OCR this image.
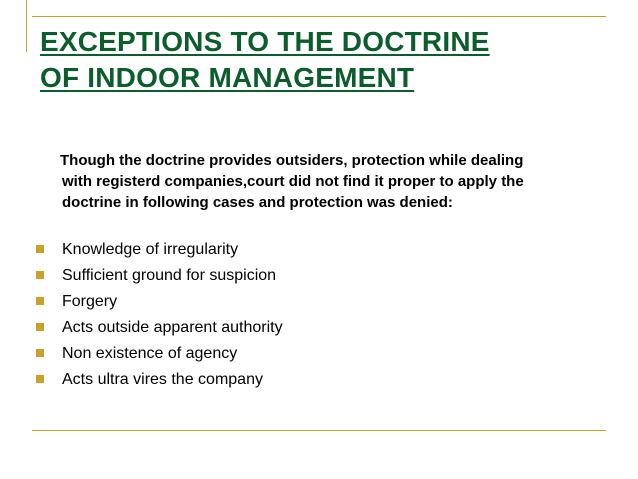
EXCEPTIONS TO THE DOCTRINE
OF INDOOR MANAGEMENT

Though the doctrine provides outsiders, protection while dealing
with registerd companies,court did not find it proper to apply the
doctrine in following cases and protection was denied:

Knowledge of irregularity
Sufficient ground for suspicion
Forgery
Acts outside apparent authority
Non existence of agency
Acts ultra vires the company
